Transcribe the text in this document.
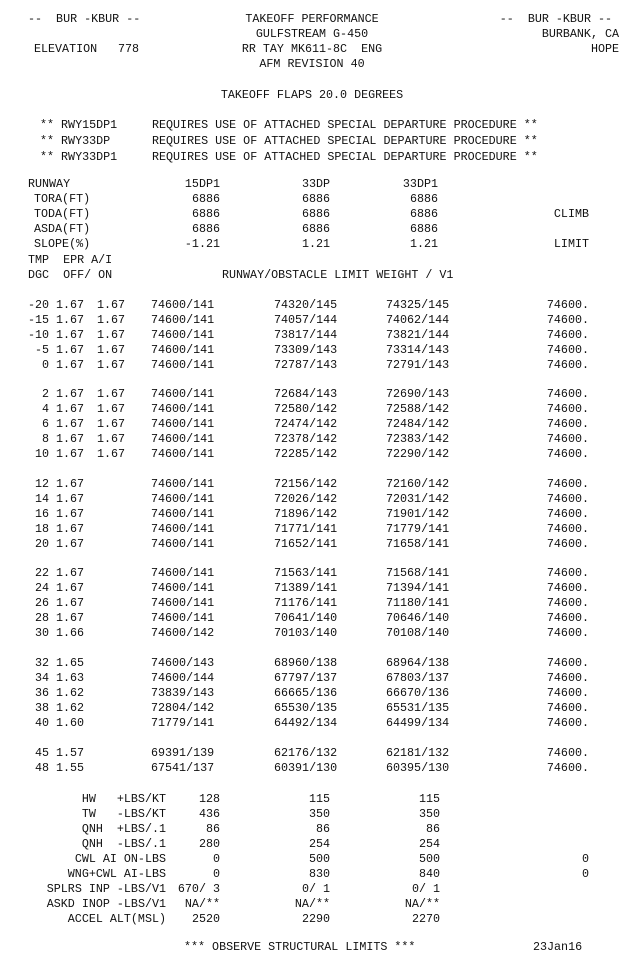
--  BUR -KBUR --
ELEVATION 778
TAKEOFF PERFORMANCE
GULFSTREAM G-450
RR TAY MK611-8C  ENG
AFM REVISION 40
--  BUR -KBUR --
BURBANK, CA
HOPE
TAKEOFF FLAPS 20.0 DEGREES
** RWY15DP1	REQUIRES USE OF ATTACHED SPECIAL DEPARTURE PROCEDURE **
** RWY33DP	REQUIRES USE OF ATTACHED SPECIAL DEPARTURE PROCEDURE **
** RWY33DP1	REQUIRES USE OF ATTACHED SPECIAL DEPARTURE PROCEDURE **
RUNWAY	15DP1	33DP	33DP1
TORA(FT)	6886	6886	6886
TODA(FT)	6886	6886	6886	CLIMB
ASDA(FT)	6886	6886	6886
SLOPE(%)	-1.21	1.21	1.21	LIMIT
TMP  EPR A/I
DGC  OFF/ ON	RUNWAY/OBSTACLE LIMIT WEIGHT / V1
-20 1.67 1.67 74600/141	74320/145	74325/145	74600.
-15 1.67 1.67 74600/141	74057/144	74062/144	74600.
-10 1.67 1.67 74600/141	73817/144	73821/144	74600.
-5 1.67 1.67 74600/141	73309/143	73314/143	74600.
0 1.67 1.67 74600/141	72787/143	72791/143	74600.
2 1.67 1.67 74600/141	72684/143	72690/143	74600.
4 1.67 1.67 74600/141	72580/142	72588/142	74600.
6 1.67 1.67 74600/141	72474/142	72484/142	74600.
8 1.67 1.67 74600/141	72378/142	72383/142	74600.
10 1.67 1.67 74600/141	72285/142	72290/142	74600.
12 1.67	74600/141	72156/142	72160/142	74600.
14 1.67	74600/141	72026/142	72031/142	74600.
16 1.67	74600/141	71896/142	71901/142	74600.
18 1.67	74600/141	71771/141	71779/141	74600.
20 1.67	74600/141	71652/141	71658/141	74600.
22 1.67	74600/141	71563/141	71568/141	74600.
24 1.67	74600/141	71389/141	71394/141	74600.
26 1.67	74600/141	71176/141	71180/141	74600.
28 1.67	74600/141	70641/140	70646/140	74600.
30 1.66	74600/142	70103/140	70108/140	74600.
32 1.65	74600/143	68960/138	68964/138	74600.
34 1.63	74600/144	67797/137	67803/137	74600.
36 1.62	73839/143	66665/136	66670/136	74600.
38 1.62	72804/142	65530/135	65531/135	74600.
40 1.60	71779/141	64492/134	64499/134	74600.
45 1.57	69391/139	62176/132	62181/132	74600.
48 1.55	67541/137	60391/130	60395/130	74600.
HW   +LBS/KT	128	115	115
TW   -LBS/KT	436	350	350
QNH  +LBS/.1	86	86	86
QNH  -LBS/.1	280	254	254
CWL AI ON-LBS	0	500	500	0
WNG+CWL AI-LBS	0	830	840	0
SPLRS INP -LBS/V1	670/ 3	0/ 1	0/ 1
ASKD INOP -LBS/V1	NA/**	NA/**	NA/**
ACCEL ALT(MSL)	2520	2290	2270
*** OBSERVE STRUCTURAL LIMITS ***	23Jan16
